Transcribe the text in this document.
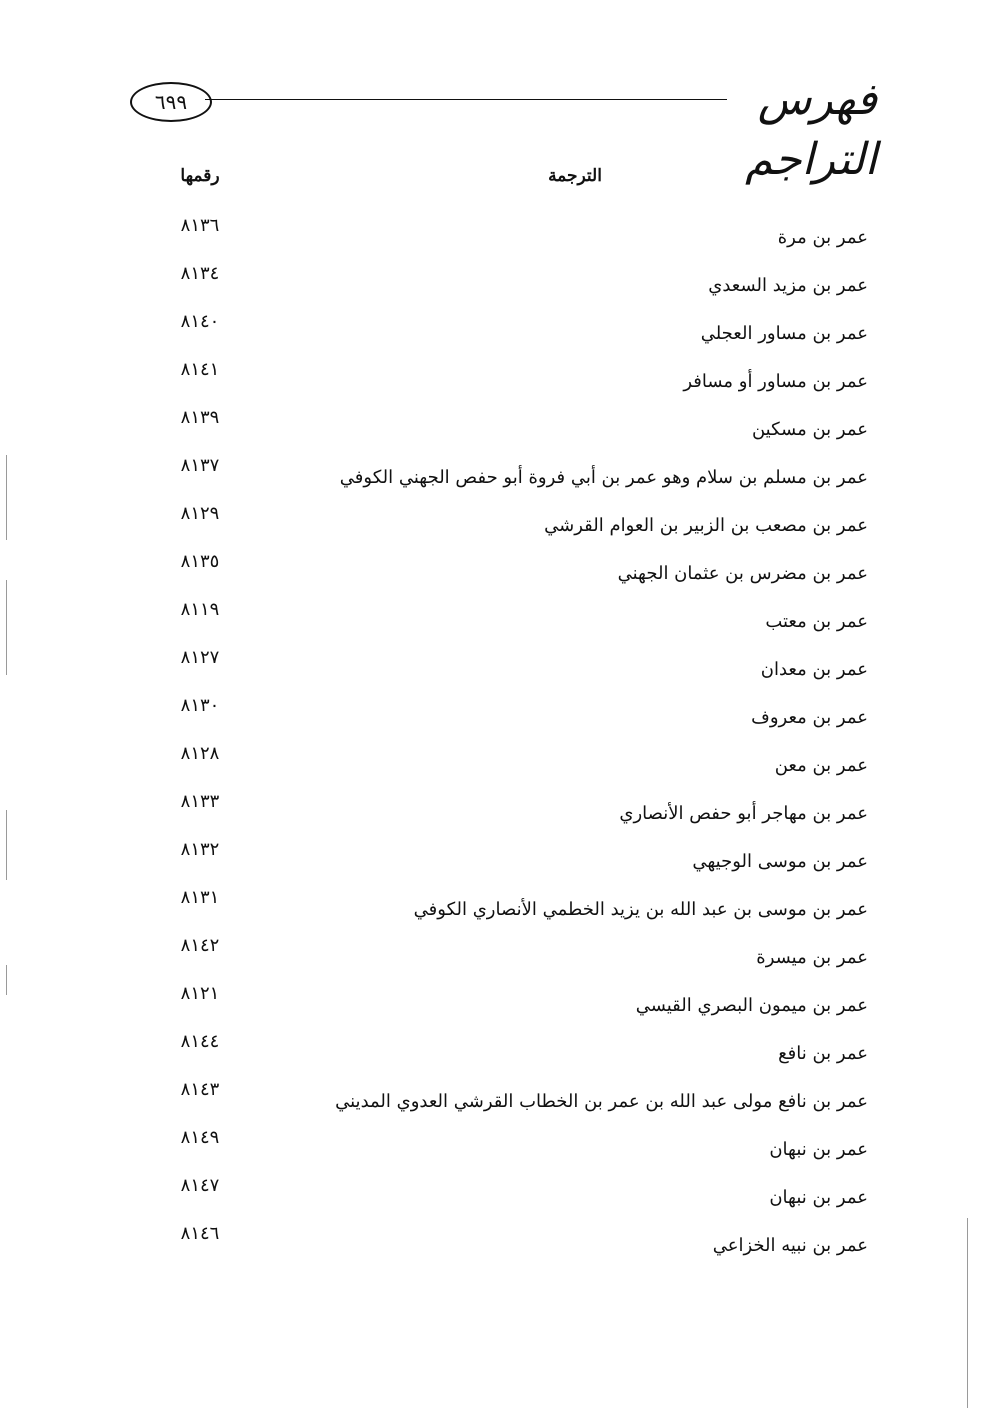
فهرس التراجم
٦٩٩
الترجمة
رقمها
عمر بن مرة
٨١٣٦
عمر بن مزيد السعدي
٨١٣٤
عمر بن مساور العجلي
٨١٤٠
عمر بن مساور أو مسافر
٨١٤١
عمر بن مسكين
٨١٣٩
عمر بن مسلم بن سلام وهو عمر بن أبي فروة أبو حفص الجهني الكوفي
٨١٣٧
عمر بن مصعب بن الزبير بن العوام القرشي
٨١٢٩
عمر بن مضرس بن عثمان الجهني
٨١٣٥
عمر بن معتب
٨١١٩
عمر بن معدان
٨١٢٧
عمر بن معروف
٨١٣٠
عمر بن معن
٨١٢٨
عمر بن مهاجر أبو حفص الأنصاري
٨١٣٣
عمر بن موسى الوجيهي
٨١٣٢
عمر بن موسى بن عبد الله بن يزيد الخطمي الأنصاري الكوفي
٨١٣١
عمر بن ميسرة
٨١٤٢
عمر بن ميمون البصري القيسي
٨١٢١
عمر بن نافع
٨١٤٤
عمر بن نافع مولى عبد الله بن عمر بن الخطاب القرشي العدوي المديني
٨١٤٣
عمر بن نبهان
٨١٤٩
عمر بن نبهان
٨١٤٧
عمر بن نبيه الخزاعي
٨١٤٦
